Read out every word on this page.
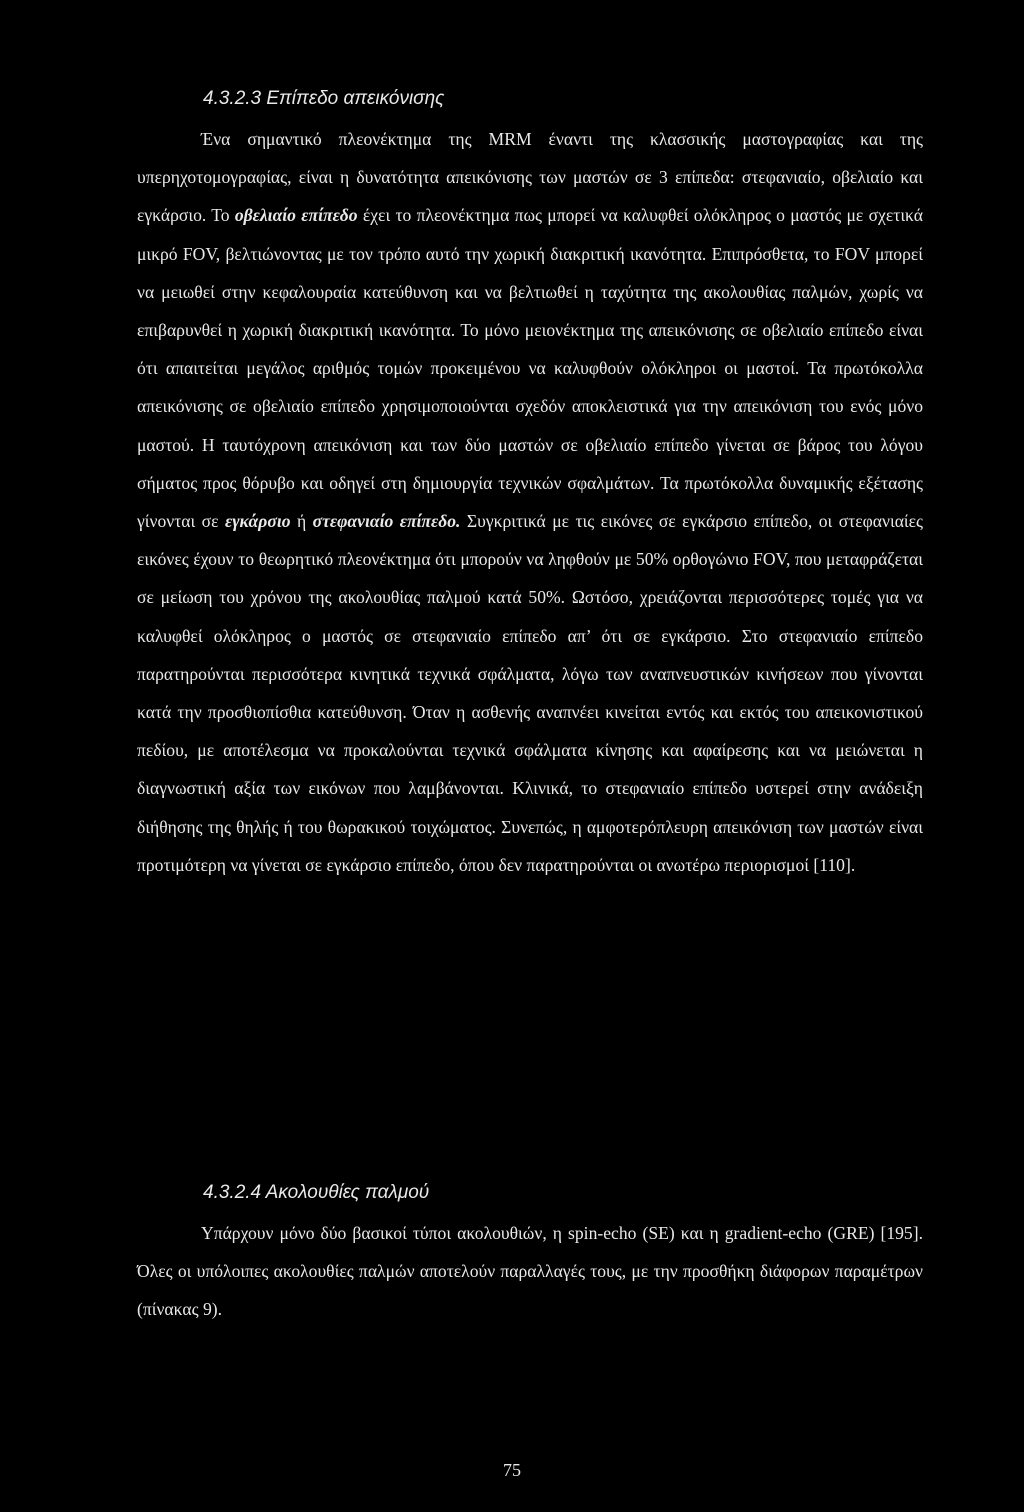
4.3.2.3 Επίπεδο απεικόνισης

Ένα σημαντικό πλεονέκτημα της MRM έναντι της κλασσικής μαστογραφίας και της υπερηχοτομογραφίας, είναι η δυνατότητα απεικόνισης των μαστών σε 3 επίπεδα: στεφανιαίο, οβελιαίο και εγκάρσιο. Το οβελιαίο επίπεδο έχει το πλεονέκτημα πως μπορεί να καλυφθεί ολόκληρος ο μαστός με σχετικά μικρό FOV, βελτιώνοντας με τον τρόπο αυτό την χωρική διακριτική ικανότητα. Επιπρόσθετα, το FOV μπορεί να μειωθεί στην κεφαλουραία κατεύθυνση και να βελτιωθεί η ταχύτητα της ακολουθίας παλμών, χωρίς να επιβαρυνθεί η χωρική διακριτική ικανότητα. Το μόνο μειονέκτημα της απεικόνισης σε οβελιαίο επίπεδο είναι ότι απαιτείται μεγάλος αριθμός τομών προκειμένου να καλυφθούν ολόκληροι οι μαστοί. Τα πρωτόκολλα απεικόνισης σε οβελιαίο επίπεδο χρησιμοποιούνται σχεδόν αποκλειστικά για την απεικόνιση του ενός μόνο μαστού. Η ταυτόχρονη απεικόνιση και των δύο μαστών σε οβελιαίο επίπεδο γίνεται σε βάρος του λόγου σήματος προς θόρυβο και οδηγεί στη δημιουργία τεχνικών σφαλμάτων. Τα πρωτόκολλα δυναμικής εξέτασης γίνονται σε εγκάρσιο ή στεφανιαίο επίπεδο. Συγκριτικά με τις εικόνες σε εγκάρσιο επίπεδο, οι στεφανιαίες εικόνες έχουν το θεωρητικό πλεονέκτημα ότι μπορούν να ληφθούν με 50% ορθογώνιο FOV, που μεταφράζεται σε μείωση του χρόνου της ακολουθίας παλμού κατά 50%. Ωστόσο, χρειάζονται περισσότερες τομές για να καλυφθεί ολόκληρος ο μαστός σε στεφανιαίο επίπεδο απ’ ότι σε εγκάρσιο. Στο στεφανιαίο επίπεδο παρατηρούνται περισσότερα κινητικά τεχνικά σφάλματα, λόγω των αναπνευστικών κινήσεων που γίνονται κατά την προσθιοπίσθια κατεύθυνση. Όταν η ασθενής αναπνέει κινείται εντός και εκτός του απεικονιστικού πεδίου, με αποτέλεσμα να προκαλούνται τεχνικά σφάλματα κίνησης και αφαίρεσης και να μειώνεται η διαγνωστική αξία των εικόνων που λαμβάνονται. Κλινικά, το στεφανιαίο επίπεδο υστερεί στην ανάδειξη διήθησης της θηλής ή του θωρακικού τοιχώματος. Συνεπώς, η αμφοτερόπλευρη απεικόνιση των μαστών είναι προτιμότερη να γίνεται σε εγκάρσιο επίπεδο, όπου δεν παρατηρούνται οι ανωτέρω περιορισμοί [110].

4.3.2.4 Ακολουθίες παλμού

Υπάρχουν μόνο δύο βασικοί τύποι ακολουθιών, η spin-echo (SE) και η gradient-echo (GRE) [195]. Όλες οι υπόλοιπες ακολουθίες παλμών αποτελούν παραλλαγές τους, με την προσθήκη διάφορων παραμέτρων (πίνακας 9).

75
